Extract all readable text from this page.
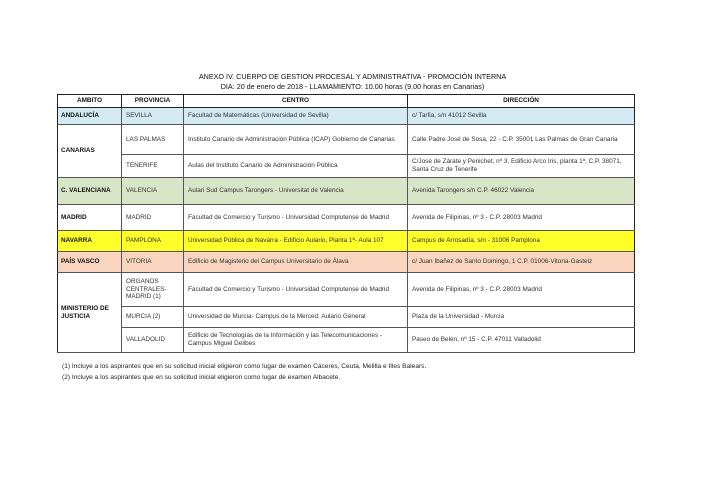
ANEXO IV. CUERPO DE GESTION PROCESAL Y ADMINISTRATIVA - PROMOCIÓN INTERNA
DIA: 20 de enero de 2018 - LLAMAMIENTO: 10.00 horas (9.00 horas en Canarias)
AMBITO	PROVINCIA	CENTRO	DIRECCIÓN
ANDALUCÍA	SEVILLA	Facultad de Matemáticas (Universidad de Sevilla)	c/ Tarfia, s/n 41012 Sevilla
CANARIAS	LAS PALMAS	Instituto Canario de Administración Pública (ICAP) Gobierno de Canarias	Calle Padre José de Sosa, 22 - C.P. 35001 Las Palmas de Gran Canaria
	TENERIFE	Aulas del Instituto Canario de Administración Pública	C/José de Zárate y Penichet, nº 3, Edificio Arco Iris, planta 1ª, C.P. 38071, Santa Cruz de Tenerife
C. VALENCIANA	VALENCIA	Aulari Sud Campus Tarongers - Universitat de Valencia	Avenida Tarongers s/n C.P. 46022 Valencia
MADRID	MADRID	Facultad de Comercio y Turismo - Universidad Complutense de Madrid	Avenida de Filipinas, nº 3 - C.P. 28003 Madrid
NAVARRA	PAMPLONA	Universidad Pública de Navarra - Edificio Aulario, Planta 1ª- Aula 107	Campus de Arrosadía, s/n - 31006 Pamplona
PAÍS VASCO	VITORIA	Edificio de Magisterio del Campus Universitario de Álava	c/ Juan Ibañez de Santo Domingo, 1 C.P. 01006-Vitoria-Gasteiz
MINISTERIO DE JUSTICIA	ORGANOS CENTRALES-MADRID (1)	Facultad de Comercio y Turismo - Universidad Complutense de Madrid	Avenida de Filipinas, nº 3 - C.P. 28003 Madrid
	MURCIA (2)	Universidad de Murcia- Campus de la Merced. Aulario General	Plaza de la Universidad - Murcia
	VALLADOLID	Edificio de Tecnologías de la Información y las Telecomunicaciones - Campus Miguel Delibes	Paseo de Belén, nº 15 - C.P. 47011 Valladolid
(1) Incluye a los aspirantes que en su solicitud inicial eligieron como lugar de examen Cáceres, Ceuta, Melilla e Illes Balears.
(2) Incluye a los aspirantes que en su solicitud inicial eligieron como lugar de examen Albacete.
